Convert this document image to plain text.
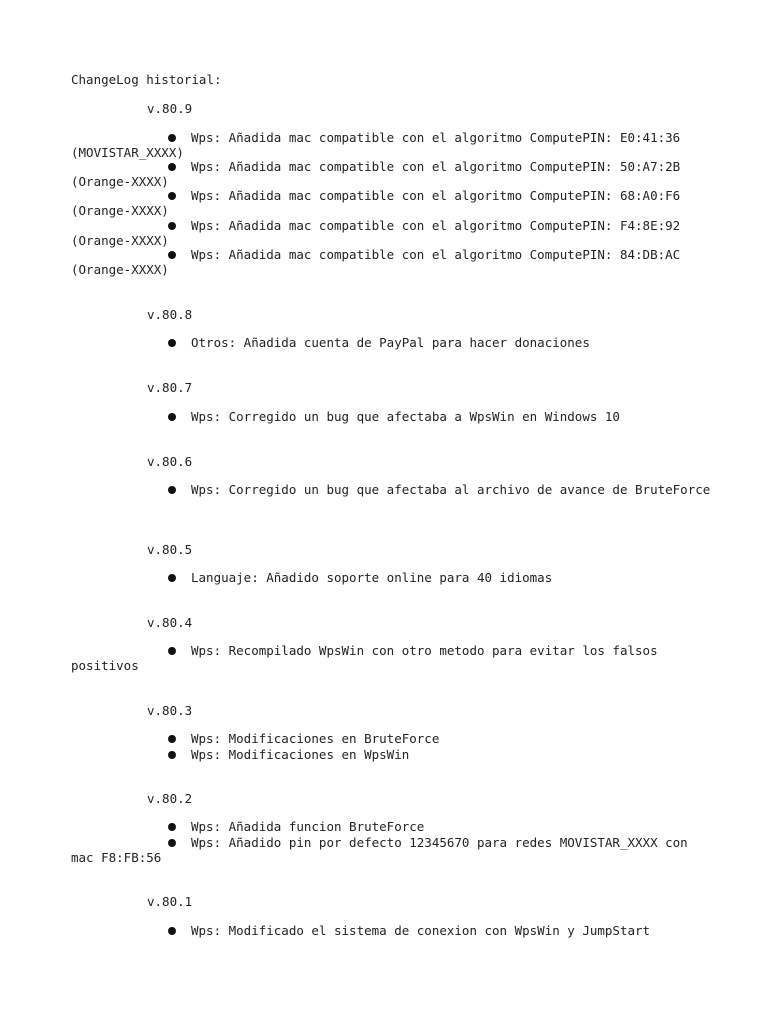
ChangeLog historial:
v.80.9
Wps: Añadida mac compatible con el algoritmo ComputePIN: E0:41:36 (MOVISTAR_XXXX)
Wps: Añadida mac compatible con el algoritmo ComputePIN: 50:A7:2B (Orange-XXXX)
Wps: Añadida mac compatible con el algoritmo ComputePIN: 68:A0:F6 (Orange-XXXX)
Wps: Añadida mac compatible con el algoritmo ComputePIN: F4:8E:92 (Orange-XXXX)
Wps: Añadida mac compatible con el algoritmo ComputePIN: 84:DB:AC (Orange-XXXX)
v.80.8
Otros: Añadida cuenta de PayPal para hacer donaciones
v.80.7
Wps: Corregido un bug que afectaba a WpsWin en Windows 10
v.80.6
Wps: Corregido un bug que afectaba al archivo de avance de BruteForce
v.80.5
Languaje: Añadido soporte online para 40 idiomas
v.80.4
Wps: Recompilado WpsWin con otro metodo para evitar los falsos positivos
v.80.3
Wps: Modificaciones en BruteForce
Wps: Modificaciones en WpsWin
v.80.2
Wps: Añadida funcion BruteForce
Wps: Añadido pin por defecto 12345670 para redes MOVISTAR_XXXX con mac F8:FB:56
v.80.1
Wps: Modificado el sistema de conexion con WpsWin y JumpStart
